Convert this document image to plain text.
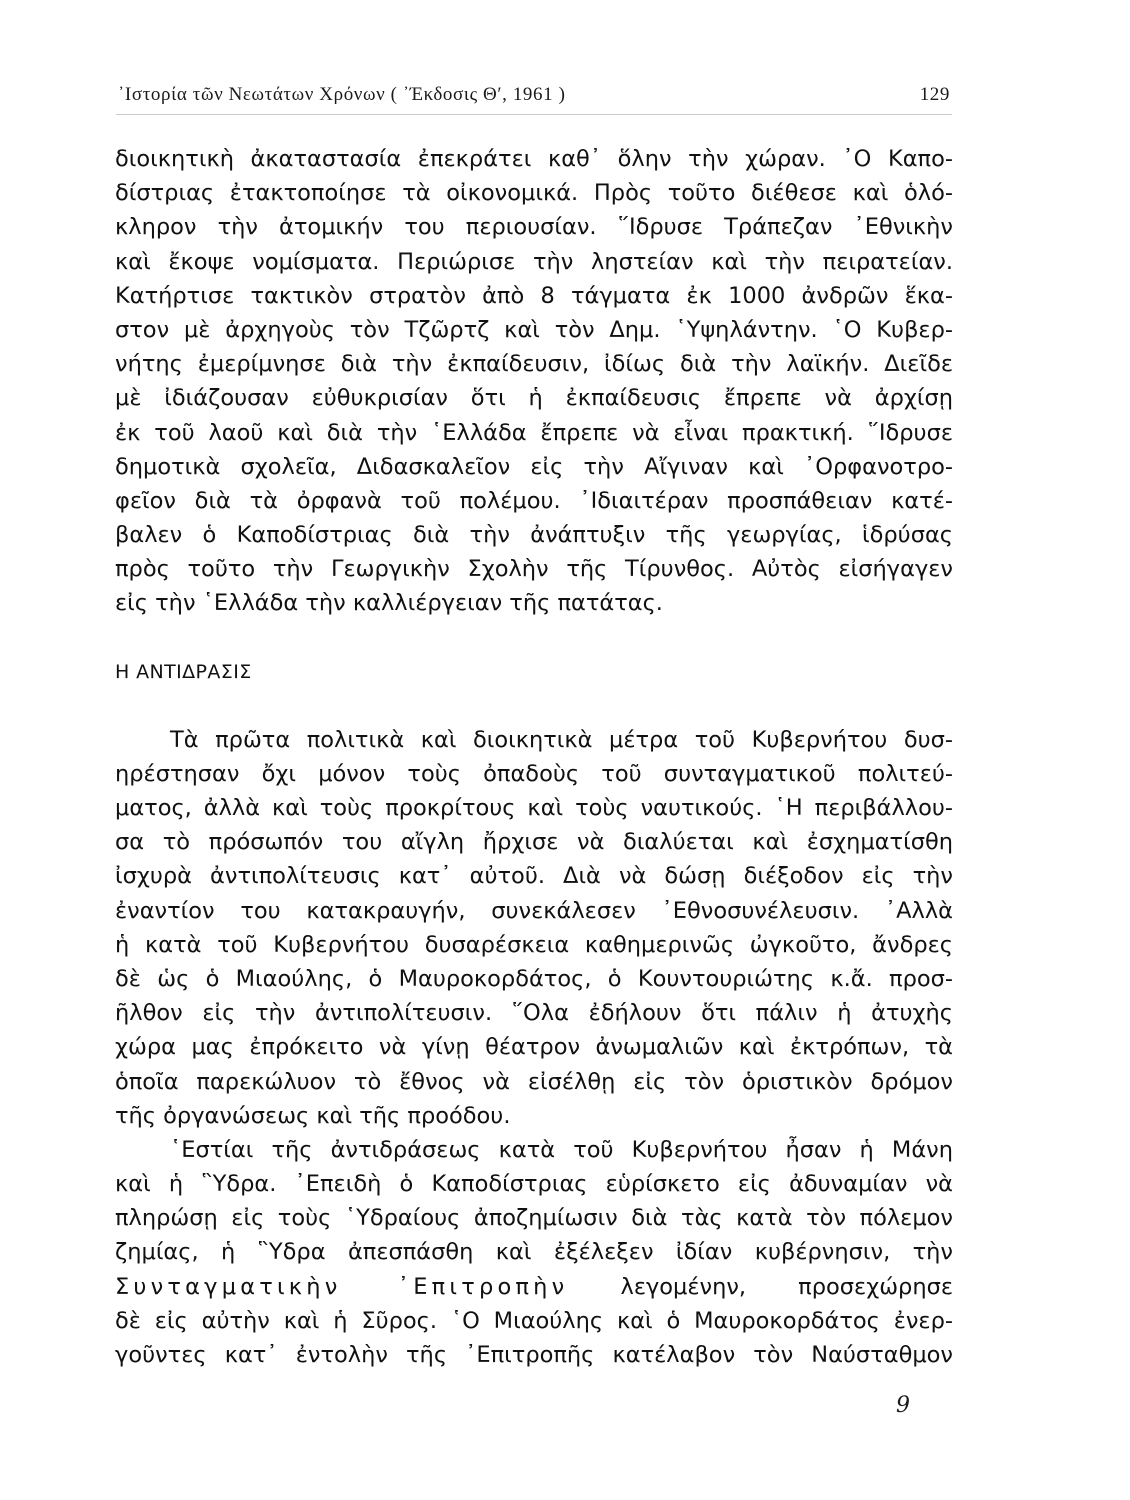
᾿Ιστορία τῶν Νεωτάτων Χρόνων ( ᾿Έκδοσις Θ′, 1961 )	129
διοικητικὴ ἀκαταστασία ἐπεκράτει καθ᾿ ὅλην τὴν χώραν. ᾿Ο Καπο-
δίστριας ἐτακτοποίησε τὰ οἰκονομικά. Πρὸς τοῦτο διέθεσε καὶ ὁλό-
κληρον τὴν ἀτομικήν του περιουσίαν. ῞Ιδρυσε Τράπεζαν ᾿Εθνικὴν
καὶ ἔκοψε νομίσματα. Περιώρισε τὴν ληστείαν καὶ τὴν πειρατείαν.
Κατήρτισε τακτικὸν στρατὸν ἀπὸ 8 τάγματα ἐκ 1000 ἀνδρῶν ἕκα-
στον μὲ ἀρχηγοὺς τὸν Τζῶρτζ καὶ τὸν Δημ. ῾Υψηλάντην. ῾Ο Κυβερ-
νήτης ἐμερίμνησε διὰ τὴν ἐκπαίδευσιν, ἰδίως διὰ τὴν λαϊκήν. Διεῖδε
μὲ ἰδιάζουσαν εὐθυκρισίαν ὅτι ἡ ἐκπαίδευσις ἔπρεπε νὰ ἀρχίσῃ
ἐκ τοῦ λαοῦ καὶ διὰ τὴν ῾Ελλάδα ἔπρεπε νὰ εἶναι πρακτική. ῞Ιδρυσε
δημοτικὰ σχολεῖα, Διδασκαλεῖον εἰς τὴν Αἴγιναν καὶ ᾿Ορφανοτρο-
φεῖον διὰ τὰ ὀρφανὰ τοῦ πολέμου. ᾿Ιδιαιτέραν προσπάθειαν κατέ-
βαλεν ὁ Καποδίστριας διὰ τὴν ἀνάπτυξιν τῆς γεωργίας, ἱδρύσας
πρὸς τοῦτο τὴν Γεωργικὴν Σχολὴν τῆς Τίρυνθος. Αὐτὸς εἰσήγαγεν
εἰς τὴν ῾Ελλάδα τὴν καλλιέργειαν τῆς πατάτας.
Η ΑΝΤΙΔΡΑΣΙΣ
Τὰ πρῶτα πολιτικὰ καὶ διοικητικὰ μέτρα τοῦ Κυβερνήτου δυσ-
ηρέστησαν ὄχι μόνον τοὺς ὀπαδοὺς τοῦ συνταγματικοῦ πολιτεύ-
ματος, ἀλλὰ καὶ τοὺς προκρίτους καὶ τοὺς ναυτικούς. ῾Η περιβάλλου-
σα τὸ πρόσωπόν του αἴγλη ἤρχισε νὰ διαλύεται καὶ ἐσχηματίσθη
ἰσχυρὰ ἀντιπολίτευσις κατ᾿ αὐτοῦ. Διὰ νὰ δώσῃ διέξοδον εἰς τὴν
ἐναντίον του κατακραυγήν, συνεκάλεσεν ᾿Εθνοσυνέλευσιν. ᾿Αλλὰ
ἡ κατὰ τοῦ Κυβερνήτου δυσαρέσκεια καθημερινῶς ὠγκοῦτο, ἄνδρες
δὲ ὡς ὁ Μιαούλης, ὁ Μαυροκορδάτος, ὁ Κουντουριώτης κ.ἄ. προσ-
ῆλθον εἰς τὴν ἀντιπολίτευσιν. ῞Ολα ἐδήλουν ὅτι πάλιν ἡ ἀτυχὴς
χώρα μας ἐπρόκειτο νὰ γίνῃ θέατρον ἀνωμαλιῶν καὶ ἐκτρόπων, τὰ
ὁποῖα παρεκώλυον τὸ ἔθνος νὰ εἰσέλθῃ εἰς τὸν ὁριστικὸν δρόμον
τῆς ὀργανώσεως καὶ τῆς προόδου.
῾Εστίαι τῆς ἀντιδράσεως κατὰ τοῦ Κυβερνήτου ἦσαν ἡ Μάνη
καὶ ἡ ῝Υδρα. ᾿Επειδὴ ὁ Καποδίστριας εὑρίσκετο εἰς ἀδυναμίαν νὰ
πληρώσῃ εἰς τοὺς ῾Υδραίους ἀποζημίωσιν διὰ τὰς κατὰ τὸν πόλεμον
ζημίας, ἡ ῝Υδρα ἀπεσπάσθη καὶ ἐξέλεξεν ἰδίαν κυβέρνησιν, τὴν
Συνταγματικὴν ᾿Επιτροπὴν λεγομένην, προσεχώρησε
δὲ εἰς αὐτὴν καὶ ἡ Σῦρος. ῾Ο Μιαούλης καὶ ὁ Μαυροκορδάτος ἐνερ-
γοῦντες κατ᾿ ἐντολὴν τῆς ᾿Επιτροπῆς κατέλαβον τὸν Ναύσταθμον
9
